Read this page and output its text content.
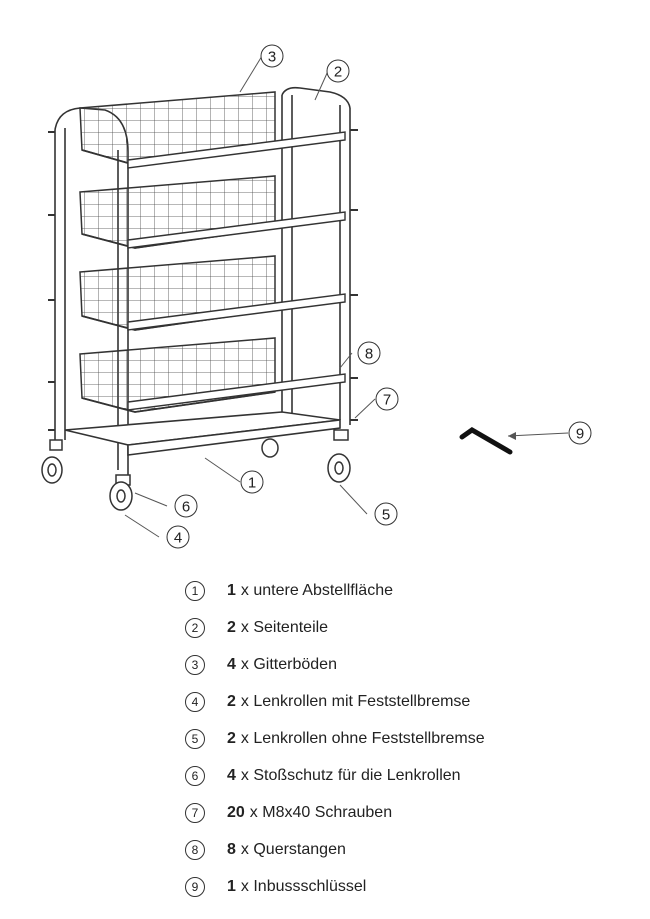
1
2
3
4
5
6
7
8
9
1	1 x untere Abstellfläche
2	2 x Seitenteile
3	4 x Gitterböden
4	2 x Lenkrollen mit Feststellbremse
5	2 x Lenkrollen ohne Feststellbremse
6	4 x Stoßschutz für die Lenkrollen
7	20 x M8x40 Schrauben
8	8 x Querstangen
9	1 x Inbussschlüssel
